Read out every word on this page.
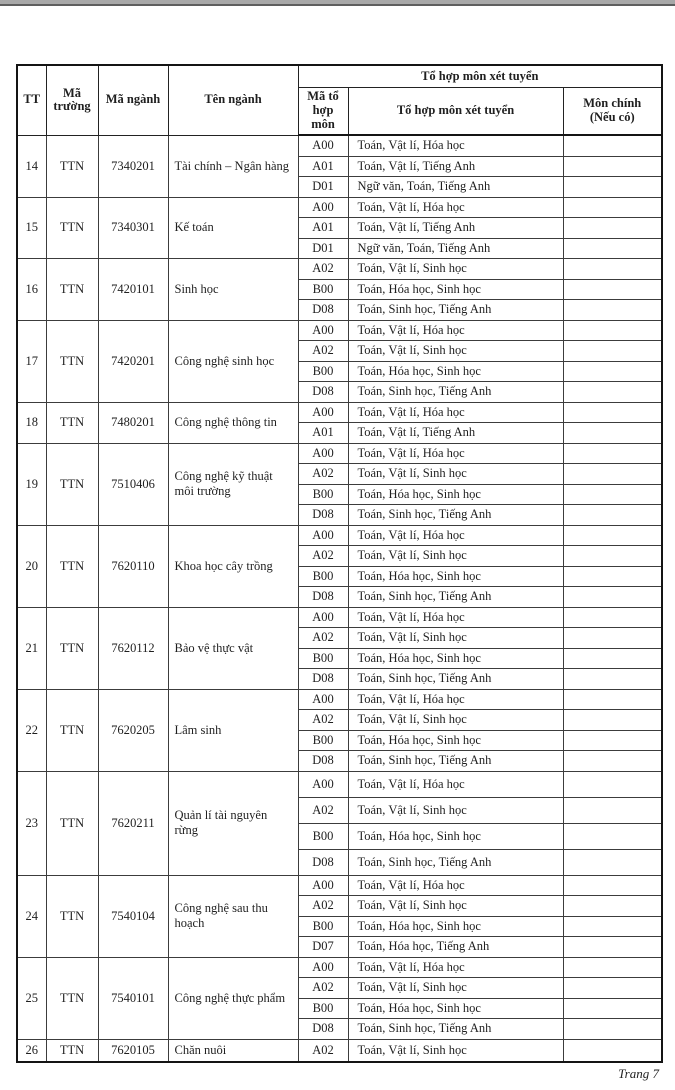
TT	Mã trường	Mã ngành	Tên ngành	Tổ hợp môn xét tuyển		
				Mã tổ hợp môn	Tổ hợp môn xét tuyển	Môn chính (Nếu có)
14	TTN	7340201	Tài chính – Ngân hàng	A00	Toán, Vật lí, Hóa học	
				A01	Toán, Vật lí, Tiếng Anh	
				D01	Ngữ văn, Toán, Tiếng Anh	
15	TTN	7340301	Kế toán	A00	Toán, Vật lí, Hóa học	
				A01	Toán, Vật lí, Tiếng Anh	
				D01	Ngữ văn, Toán, Tiếng Anh	
16	TTN	7420101	Sinh học	A02	Toán, Vật lí, Sinh học	
				B00	Toán, Hóa học, Sinh học	
				D08	Toán, Sinh học, Tiếng Anh	
17	TTN	7420201	Công nghệ sinh học	A00	Toán, Vật lí, Hóa học	
				A02	Toán, Vật lí, Sinh học	
				B00	Toán, Hóa học, Sinh học	
				D08	Toán, Sinh học, Tiếng Anh	
18	TTN	7480201	Công nghệ thông tin	A00	Toán, Vật lí, Hóa học	
				A01	Toán, Vật lí, Tiếng Anh	
19	TTN	7510406	Công nghệ kỹ thuật môi trường	A00	Toán, Vật lí, Hóa học	
				A02	Toán, Vật lí, Sinh học	
				B00	Toán, Hóa học, Sinh học	
				D08	Toán, Sinh học, Tiếng Anh	
20	TTN	7620110	Khoa học cây trồng	A00	Toán, Vật lí, Hóa học	
				A02	Toán, Vật lí, Sinh học	
				B00	Toán, Hóa học, Sinh học	
				D08	Toán, Sinh học, Tiếng Anh	
21	TTN	7620112	Bảo vệ thực vật	A00	Toán, Vật lí, Hóa học	
				A02	Toán, Vật lí, Sinh học	
				B00	Toán, Hóa học, Sinh học	
				D08	Toán, Sinh học, Tiếng Anh	
22	TTN	7620205	Lâm sinh	A00	Toán, Vật lí, Hóa học	
				A02	Toán, Vật lí, Sinh học	
				B00	Toán, Hóa học, Sinh học	
				D08	Toán, Sinh học, Tiếng Anh	
23	TTN	7620211	Quản lí tài nguyên rừng	A00	Toán, Vật lí, Hóa học	
				A02	Toán, Vật lí, Sinh học	
				B00	Toán, Hóa học, Sinh học	
				D08	Toán, Sinh học, Tiếng Anh	
24	TTN	7540104	Công nghệ sau thu hoạch	A00	Toán, Vật lí, Hóa học	
				A02	Toán, Vật lí, Sinh học	
				B00	Toán, Hóa học, Sinh học	
				D07	Toán, Hóa học, Tiếng Anh	
25	TTN	7540101	Công nghệ thực phẩm	A00	Toán, Vật lí, Hóa học	
				A02	Toán, Vật lí, Sinh học	
				B00	Toán, Hóa học, Sinh học	
				D08	Toán, Sinh học, Tiếng Anh	
26	TTN	7620105	Chăn nuôi	A02	Toán, Vật lí, Sinh học	
Trang 7
